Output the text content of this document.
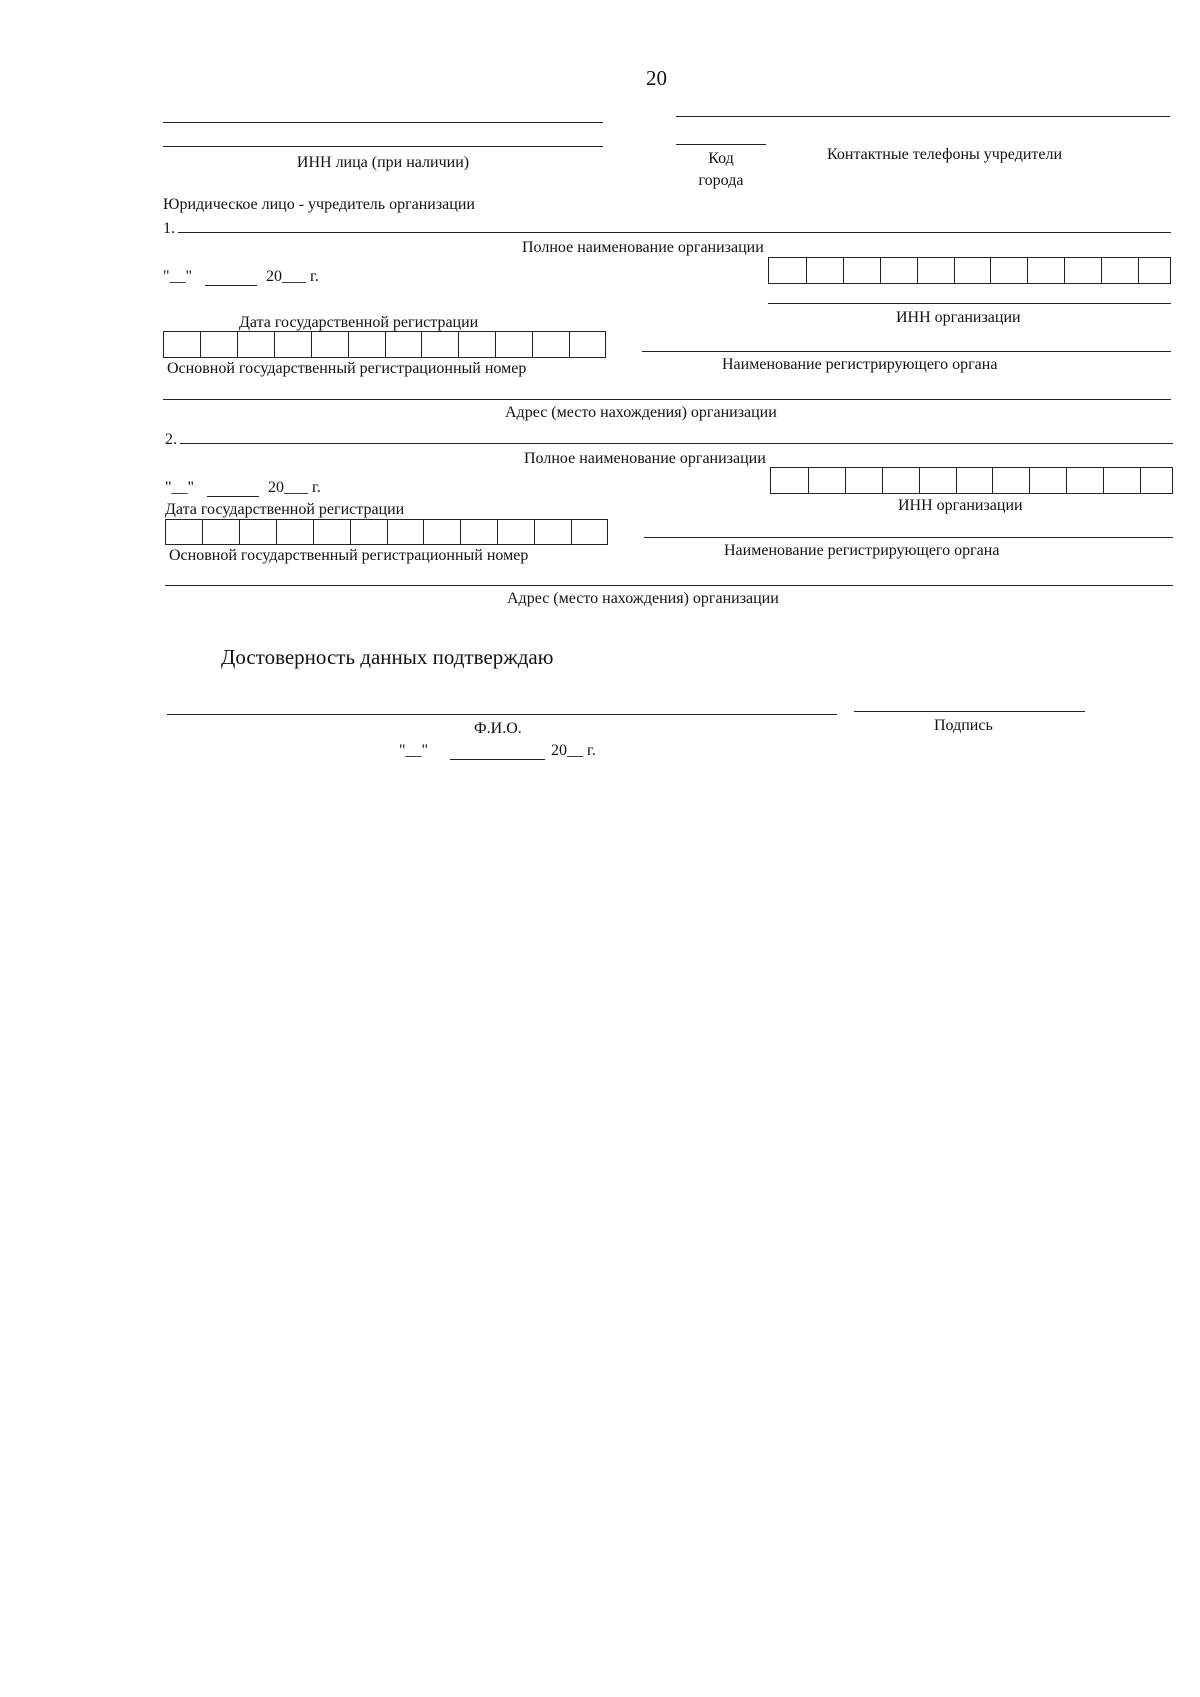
20
ИНН лица (при наличии)	Код
города
Контактные телефоны учредители
Юридическое лицо - учредитель организации
1.
Полное наименование организации
"__"	20___ г.
ИНН организации
Дата государственной регистрации
Основной государственный регистрационный номер	Наименование регистрирующего органа
Адрес (место нахождения) организации
2.
Полное наименование организации
"__"	20___ г.
Дата государственной регистрации	ИНН организации
Основной государственный регистрационный номер	Наименование регистрирующего органа
Адрес (место нахождения) организации
Достоверность данных подтверждаю
Ф.И.О.	Подпись
"__"	20__ г.
